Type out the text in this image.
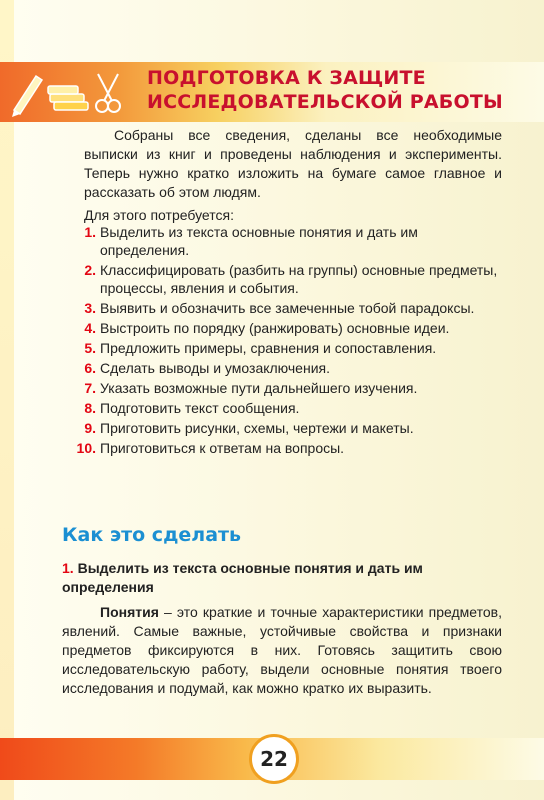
ПОДГОТОВКА К ЗАЩИТЕ
ИССЛЕДОВАТЕЛЬСКОЙ РАБОТЫ

Собраны все сведения, сделаны все необходимые выписки из книг и проведены наблюдения и эксперименты. Теперь нужно кратко изложить на бумаге самое главное и рассказать об этом людям.

Для этого потребуется:

1. Выделить из текста основные понятия и дать им определения.
2. Классифицировать (разбить на группы) основные предметы, процессы, явления и события.
3. Выявить и обозначить все замеченные тобой парадоксы.
4. Выстроить по порядку (ранжировать) основные идеи.
5. Предложить примеры, сравнения и сопоставления.
6. Сделать выводы и умозаключения.
7. Указать возможные пути дальнейшего изучения.
8. Подготовить текст сообщения.
9. Приготовить рисунки, схемы, чертежи и макеты.
10. Приготовиться к ответам на вопросы.
Как это сделать
1. Выделить из текста основные понятия и дать им определения

Понятия – это краткие и точные характеристики предметов, явлений. Самые важные, устойчивые свойства и признаки предметов фиксируются в них. Готовясь защитить свою исследовательскую работу, выдели основные понятия твоего исследования и подумай, как можно кратко их выразить.

22
